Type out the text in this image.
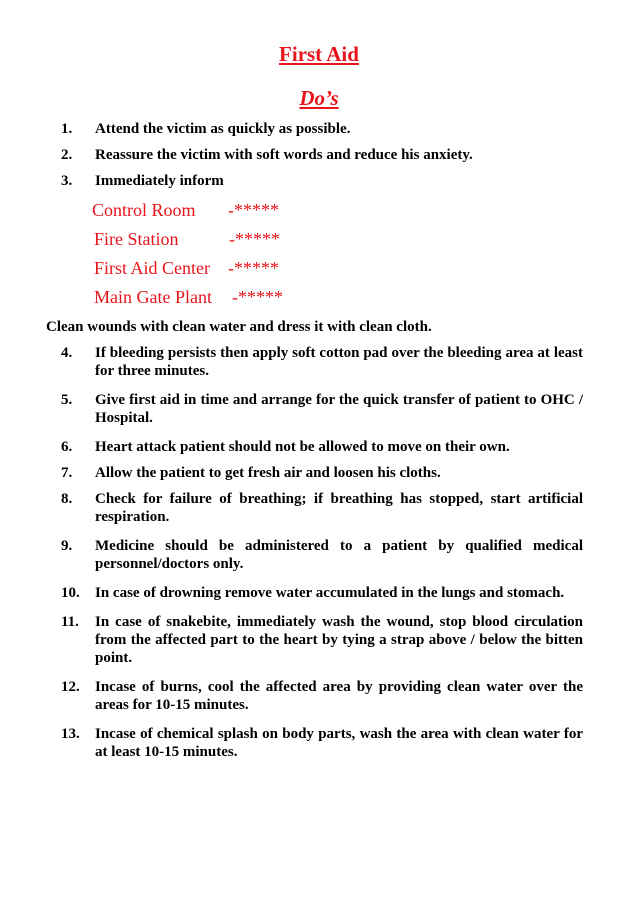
First Aid
Do’s
1.	Attend the victim as quickly as possible.
2.	Reassure the victim with soft words and reduce his anxiety.
3.	Immediately inform
Control Room -*****
Fire Station	-*****
First Aid Center -*****
Main Gate Plant -*****
Clean wounds with clean water and dress it with clean cloth.
4.	If bleeding persists then apply soft cotton pad over the bleeding area at least for three minutes.
5.	Give first aid in time and arrange for the quick transfer of patient to OHC / Hospital.
6.	Heart attack patient should not be allowed to move on their own.
7.	Allow the patient to get fresh air and loosen his cloths.
8.	Check for failure of breathing; if breathing has stopped, start artificial respiration.
9.	Medicine should be administered to a patient by qualified medical personnel/doctors only.
10.	In case of drowning remove water accumulated in the lungs and stomach.
11.	In case of snakebite, immediately wash the wound, stop blood circulation from the affected part to the heart by tying a strap above / below the bitten point.
12.	Incase of burns, cool the affected area by providing clean water over the areas for 10-15 minutes.
13.	Incase of chemical splash on body parts, wash the area with clean water for at least 10-15 minutes.
